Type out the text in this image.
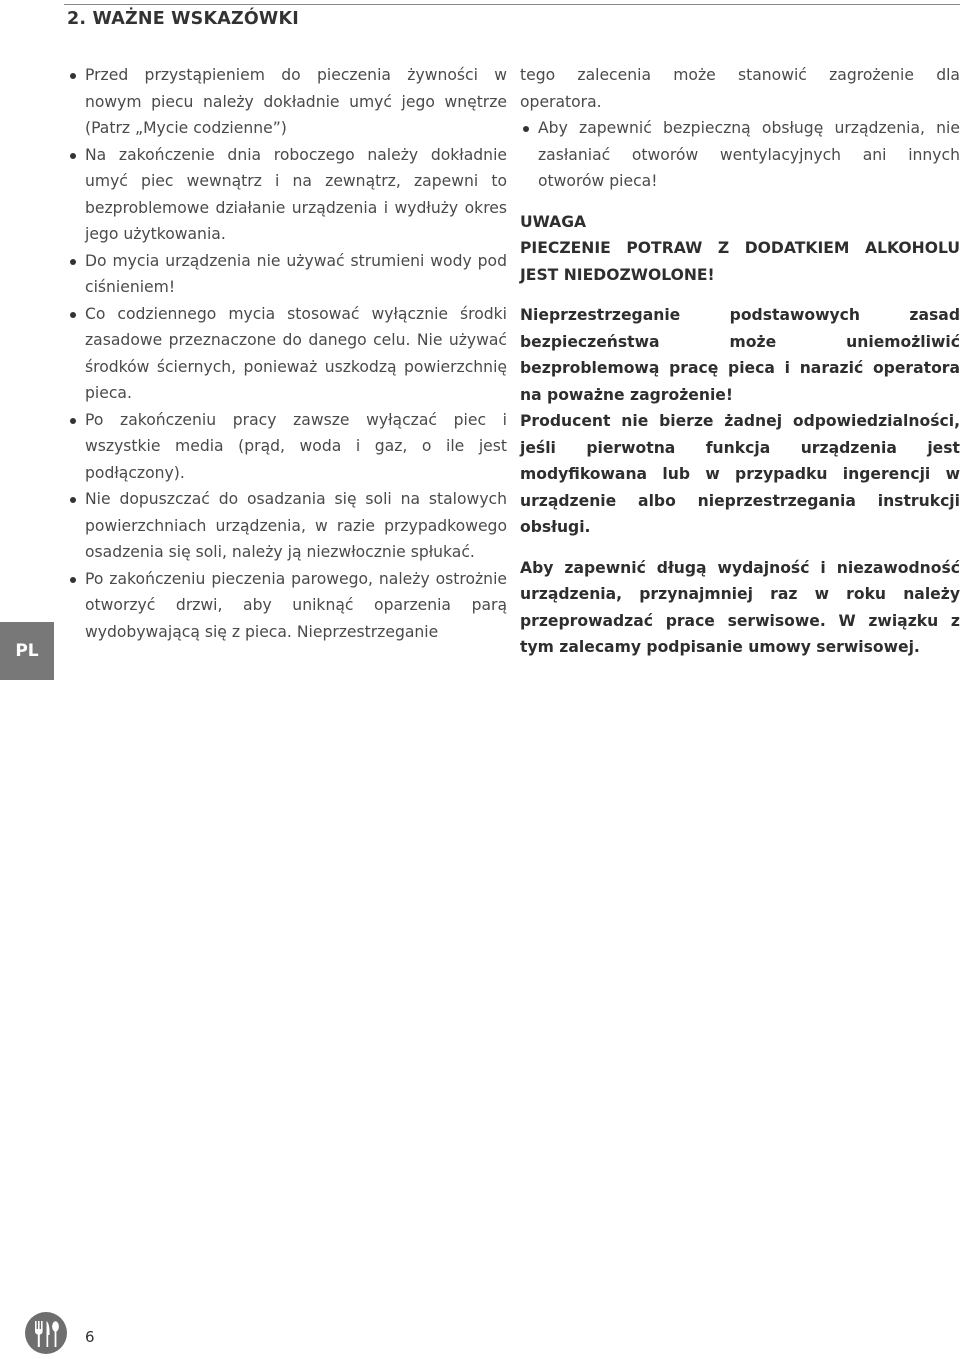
2. WAŻNE WSKAZÓWKI
PL
Przed przystąpieniem do pieczenia żywności w nowym piecu należy dokładnie umyć jego wnętrze (Patrz „Mycie codzienne”)
Na zakończenie dnia roboczego należy dokładnie umyć piec wewnątrz i na zewnątrz, zapewni to bezproblemowe działanie urządzenia i wydłuży okres jego użytkowania.
Do mycia urządzenia nie używać strumieni wody pod ciśnieniem!
Co codziennego mycia stosować wyłącznie środki zasadowe przeznaczone do danego celu. Nie używać środków ściernych, ponieważ uszkodzą powierzchnię pieca.
Po zakończeniu pracy zawsze wyłączać piec i wszystkie media (prąd, woda i gaz, o ile jest podłączony).
Nie dopuszczać do osadzania się soli na stalowych powierzchniach urządzenia, w razie przypadkowego osadzenia się soli, należy ją niezwłocznie spłukać.
Po zakończeniu pieczenia parowego, należy ostrożnie otworzyć drzwi, aby uniknąć oparzenia parą wydobywającą się z pieca. Nieprzestrzeganie

tego zalecenia może stanowić zagrożenie dla operatora.

Aby zapewnić bezpieczną obsługę urządzenia, nie zasłaniać otworów wentylacyjnych ani innych otworów pieca!

UWAGA

PIECZENIE POTRAW Z DODATKIEM ALKOHOLU JEST NIEDOZWOLONE!

Nieprzestrzeganie podstawowych zasad bezpieczeństwa może uniemożliwić bezproblemową pracę pieca i narazić operatora na poważne zagrożenie!

Producent nie bierze żadnej odpowiedzialności, jeśli pierwotna funkcja urządzenia jest modyfikowana lub w przypadku ingerencji w urządzenie albo nieprzestrzegania instrukcji obsługi.

Aby zapewnić długą wydajność i niezawodność urządzenia, przynajmniej raz w roku należy przeprowadzać prace serwisowe. W związku z tym zalecamy podpisanie umowy serwisowej.

6
